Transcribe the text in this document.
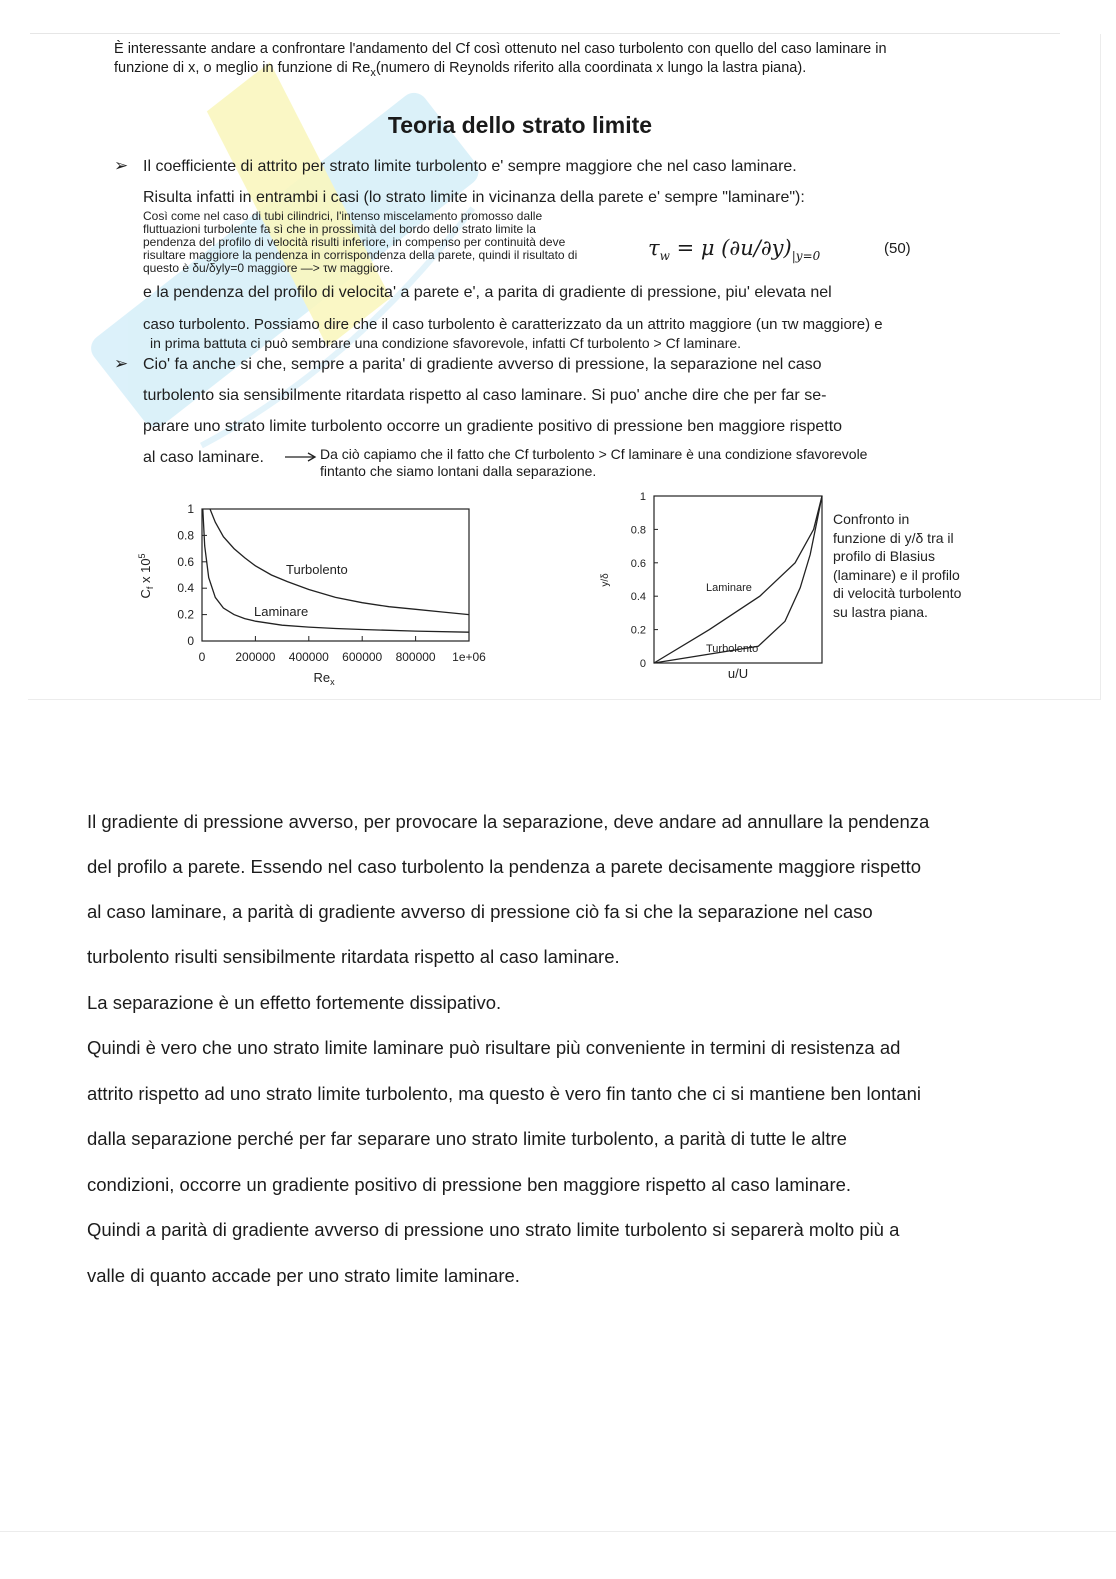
È interessante andare a confrontare l'andamento del Cf così ottenuto nel caso turbolento con quello del caso laminare in
funzione di x, o meglio in funzione di $Re_x(numero$ di Reynolds riferito alla coordinata x lungo la lastra piana).
Teoria dello strato limite
➢ Il coefficiente di attrito per strato limite turbolento e' sempre maggiore che nel caso laminare.
Risulta infatti in entrambi i casi (lo strato limite in vicinanza della parete e' sempre "laminare"):
Così come nel caso di tubi cilindrici, l'intenso miscelamento promosso dalle
fluttuazioni turbolente fa sì che in prossimità del bordo dello strato limite la
pendenza del profilo di velocità risulti inferiore, in compenso per continuità deve
risultare maggiore la pendenza in corrispondenza della parete, quindi il risultato di
questo è δu/δyly=0 maggiore —> τw maggiore.
$\tau_w = \mu$ $(\partial u/\partial y)_{|y=0}$	(50)
e la pendenza del profilo di velocita' a parete e', a parita di gradiente di pressione, piu' elevata nel
caso turbolento. Possiamo dire che il caso turbolento è caratterizzato da un attrito maggiore (un τw maggiore) e
in prima battuta ci può sembrare una condizione sfavorevole, infatti Cf turbolento > Cf laminare.
➢ Cio' fa anche si che, sempre a parita' di gradiente avverso di pressione, la separazione nel caso
turbolento sia sensibilmente ritardata rispetto al caso laminare. Si puo' anche dire che per far se-
parare uno strato limite turbolento occorre un gradiente positivo di pressione ben maggiore rispetto
al caso laminare.	Da ciò capiamo che il fatto che Cf turbolento > Cf laminare è una condizione sfavorevole
fintanto che siamo lontani dalla separazione.
0
0.2
0.4
0.6
0.8
1
0	200000 400000 600000 800000 1e+06
Turbolento
Laminare
$Re_x$
$C_f$ x $10^5$
0
0.2
0.4
0.6
0.8
1
Laminare
Turbolento
u/U
y/δ
Confronto in
funzione di y/δ tra il
profilo di Blasius
(laminare) e il profilo
di velocità turbolento
su lastra piana.
Il gradiente di pressione avverso, per provocare la separazione, deve andare ad annullare la pendenza
del profilo a parete. Essendo nel caso turbolento la pendenza a parete decisamente maggiore rispetto
al caso laminare, a parità di gradiente avverso di pressione ciò fa si che la separazione nel caso
turbolento risulti sensibilmente ritardata rispetto al caso laminare.
La separazione è un effetto fortemente dissipativo.
Quindi è vero che uno strato limite laminare può risultare più conveniente in termini di resistenza ad
attrito rispetto ad uno strato limite turbolento, ma questo è vero fin tanto che ci si mantiene ben lontani
dalla separazione perché per far separare uno strato limite turbolento, a parità di tutte le altre
condizioni, occorre un gradiente positivo di pressione ben maggiore rispetto al caso laminare.
Quindi a parità di gradiente avverso di pressione uno strato limite turbolento si separerà molto più a
valle di quanto accade per uno strato limite laminare.
